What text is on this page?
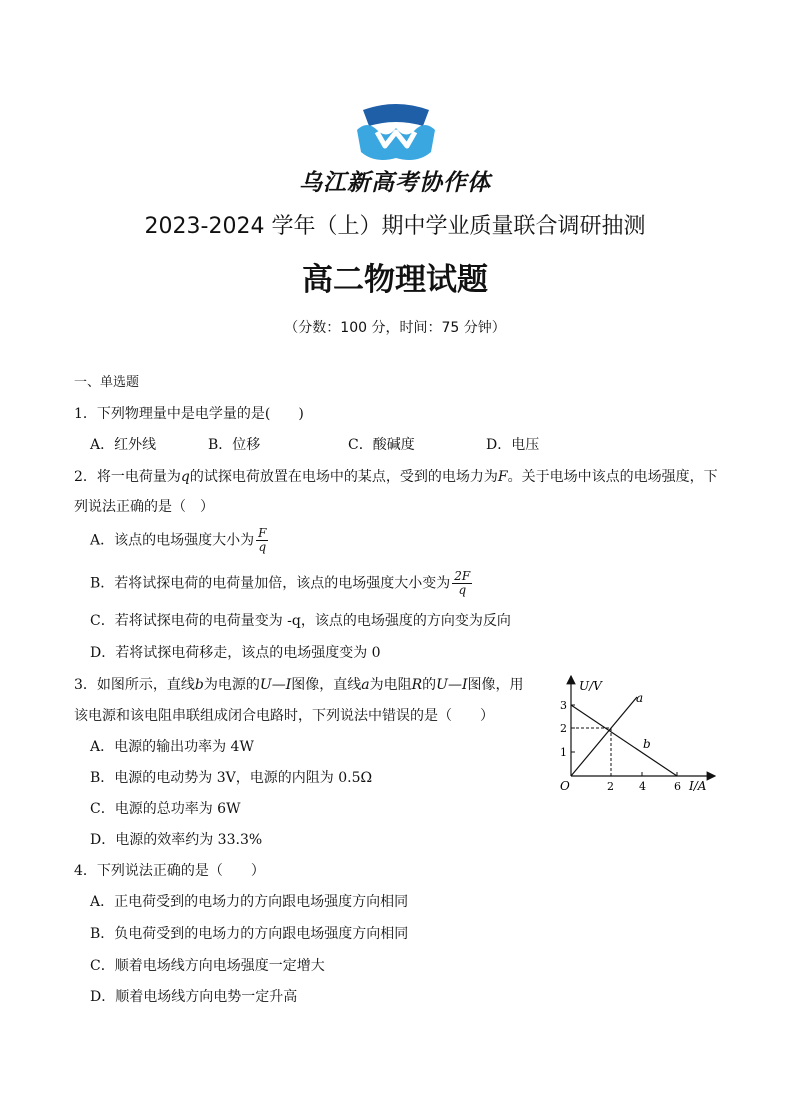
乌江新高考协作体
2023-2024 学年（上）期中学业质量联合调研抽测
高二物理试题
（分数：100 分，时间：75 分钟）
一、单选题
1．下列物理量中是电学量的是(　　)
A．红外线	B．位移	C．酸碱度	D．电压
2．将一电荷量为q的试探电荷放置在电场中的某点，受到的电场力为F。关于电场中该点的电场强度，下
列说法正确的是（　）
A．该点的电场强度大小为 $\frac{F}{q}$
B．若将试探电荷的电荷量加倍，该点的电场强度大小变为 $\frac{2F}{q}$
C．若将试探电荷的电荷量变为 -q，该点的电场强度的方向变为反向
D．若将试探电荷移走，该点的电场强度变为 0
3．如图所示，直线b为电源的U—I图像，直线a为电阻R的U—I图像，用
该电源和该电阻串联组成闭合电路时，下列说法中错误的是（　　）
A．电源的输出功率为 4W
B．电源的电动势为 3V，电源的内阻为 0.5Ω
C．电源的总功率为 6W
D．电源的效率约为 33.3%
U/V
I/A
O
1
2
3
2 4	6
a
b
4．下列说法正确的是（　　）
A．正电荷受到的电场力的方向跟电场强度方向相同
B．负电荷受到的电场力的方向跟电场强度方向相同
C．顺着电场线方向电场强度一定增大
D．顺着电场线方向电势一定升高
